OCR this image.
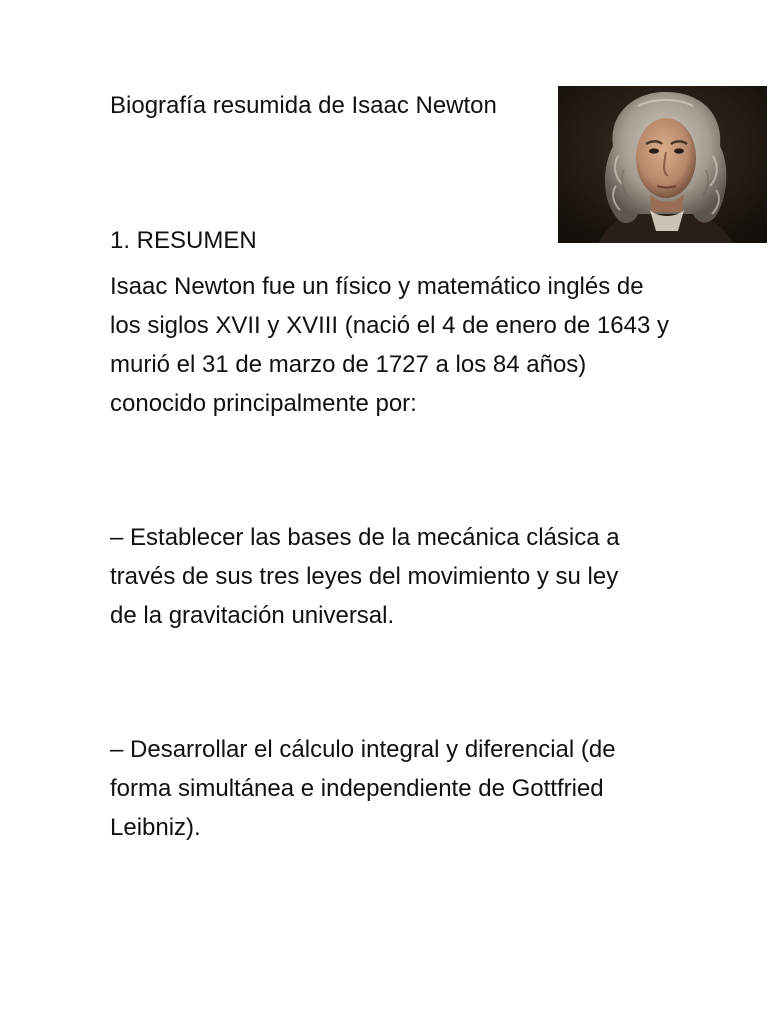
Biografía resumida de Isaac Newton
1. RESUMEN

Isaac Newton fue un físico y matemático inglés de los siglos XVII y XVIII (nació el 4 de enero de 1643 y murió el 31 de marzo de 1727 a los 84 años) conocido principalmente por:

– Establecer las bases de la mecánica clásica a través de sus tres leyes del movimiento y su ley de la gravitación universal.

– Desarrollar el cálculo integral y diferencial (de forma simultánea e independiente de Gottfried Leibniz).
